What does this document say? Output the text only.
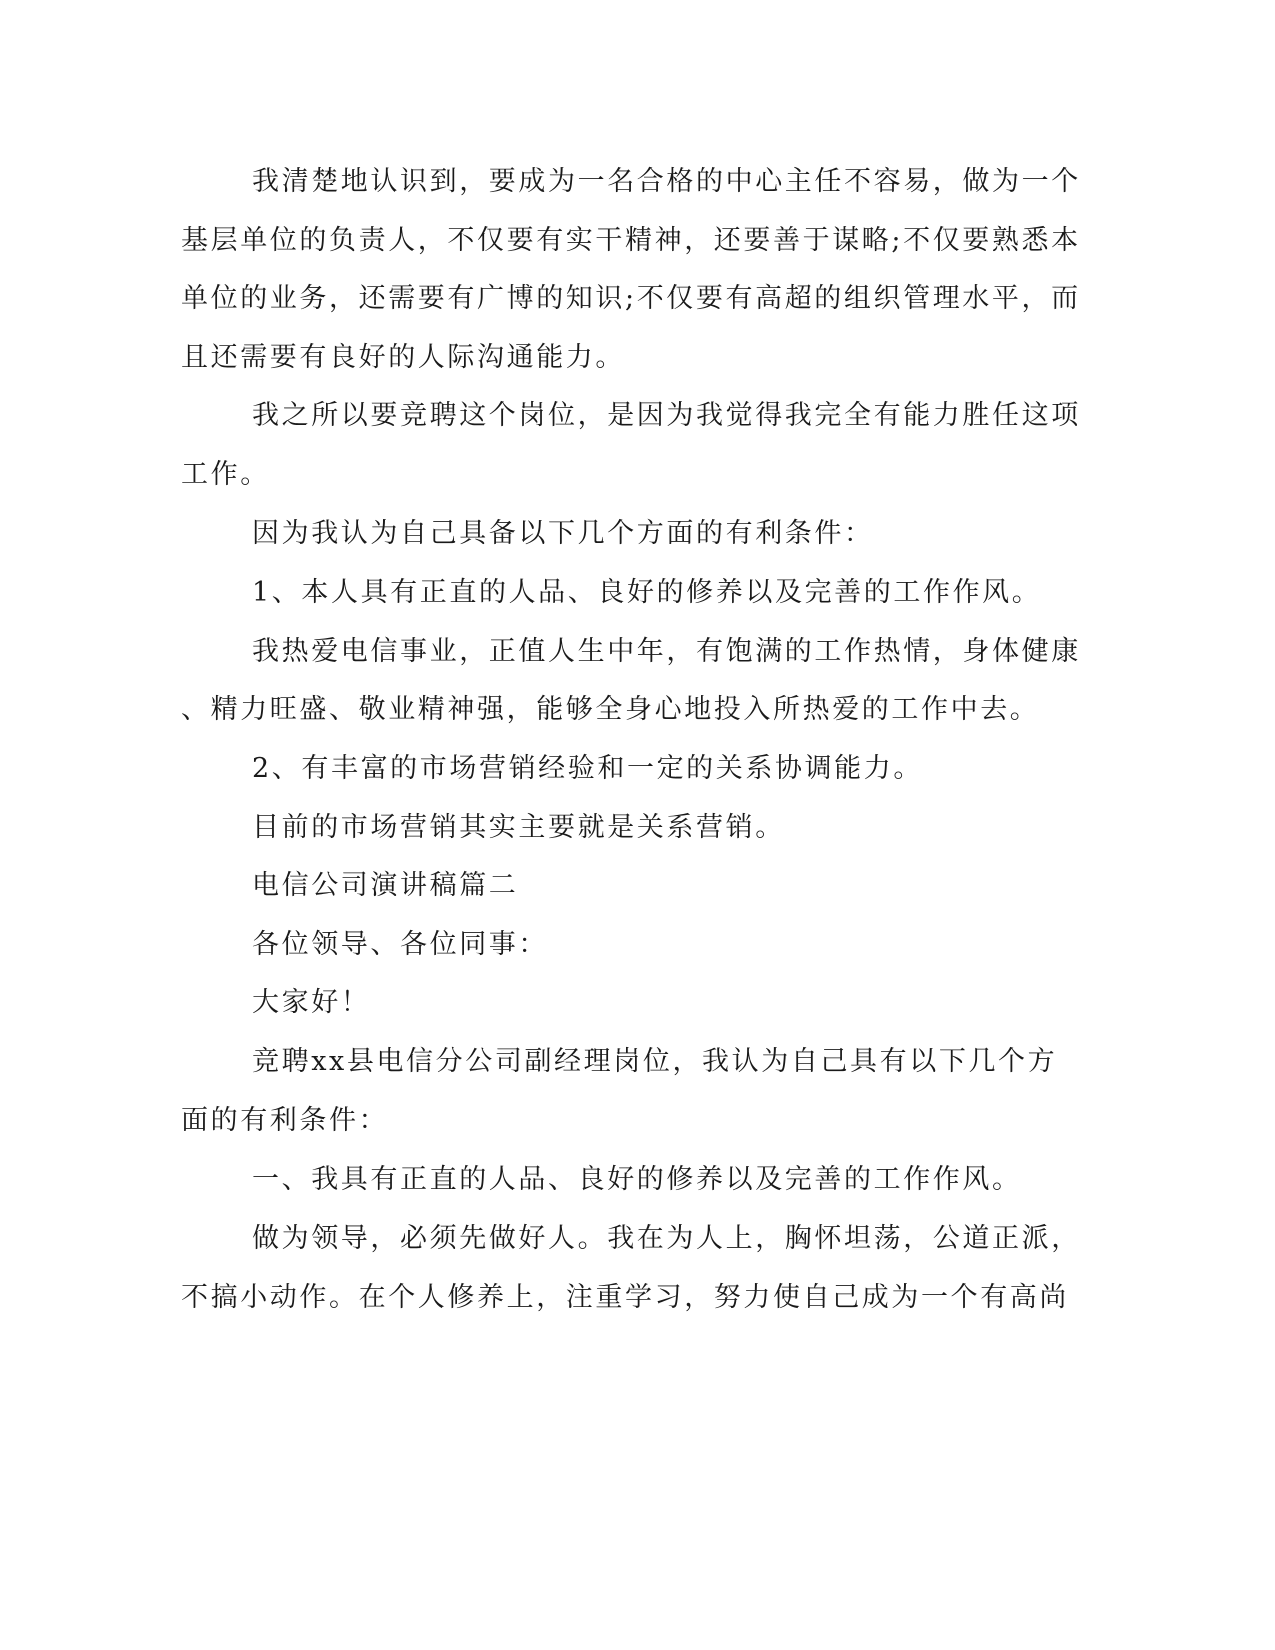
我清楚地认识到，要成为一名合格的中心主任不容易，做为一个
基层单位的负责人，不仅要有实干精神，还要善于谋略;不仅要熟悉本
单位的业务，还需要有广博的知识;不仅要有高超的组织管理水平，而
且还需要有良好的人际沟通能力。
我之所以要竞聘这个岗位，是因为我觉得我完全有能力胜任这项
工作。
因为我认为自己具备以下几个方面的有利条件：
1、本人具有正直的人品、良好的修养以及完善的工作作风。
我热爱电信事业，正值人生中年，有饱满的工作热情，身体健康
、精力旺盛、敬业精神强，能够全身心地投入所热爱的工作中去。
2、有丰富的市场营销经验和一定的关系协调能力。
目前的市场营销其实主要就是关系营销。
电信公司演讲稿篇二
各位领导、各位同事：
大家好！
竞聘xx县电信分公司副经理岗位，我认为自己具有以下几个方
面的有利条件：
一、我具有正直的人品、良好的修养以及完善的工作作风。
做为领导，必须先做好人。我在为人上，胸怀坦荡，公道正派，
不搞小动作。在个人修养上，注重学习，努力使自己成为一个有高尚
